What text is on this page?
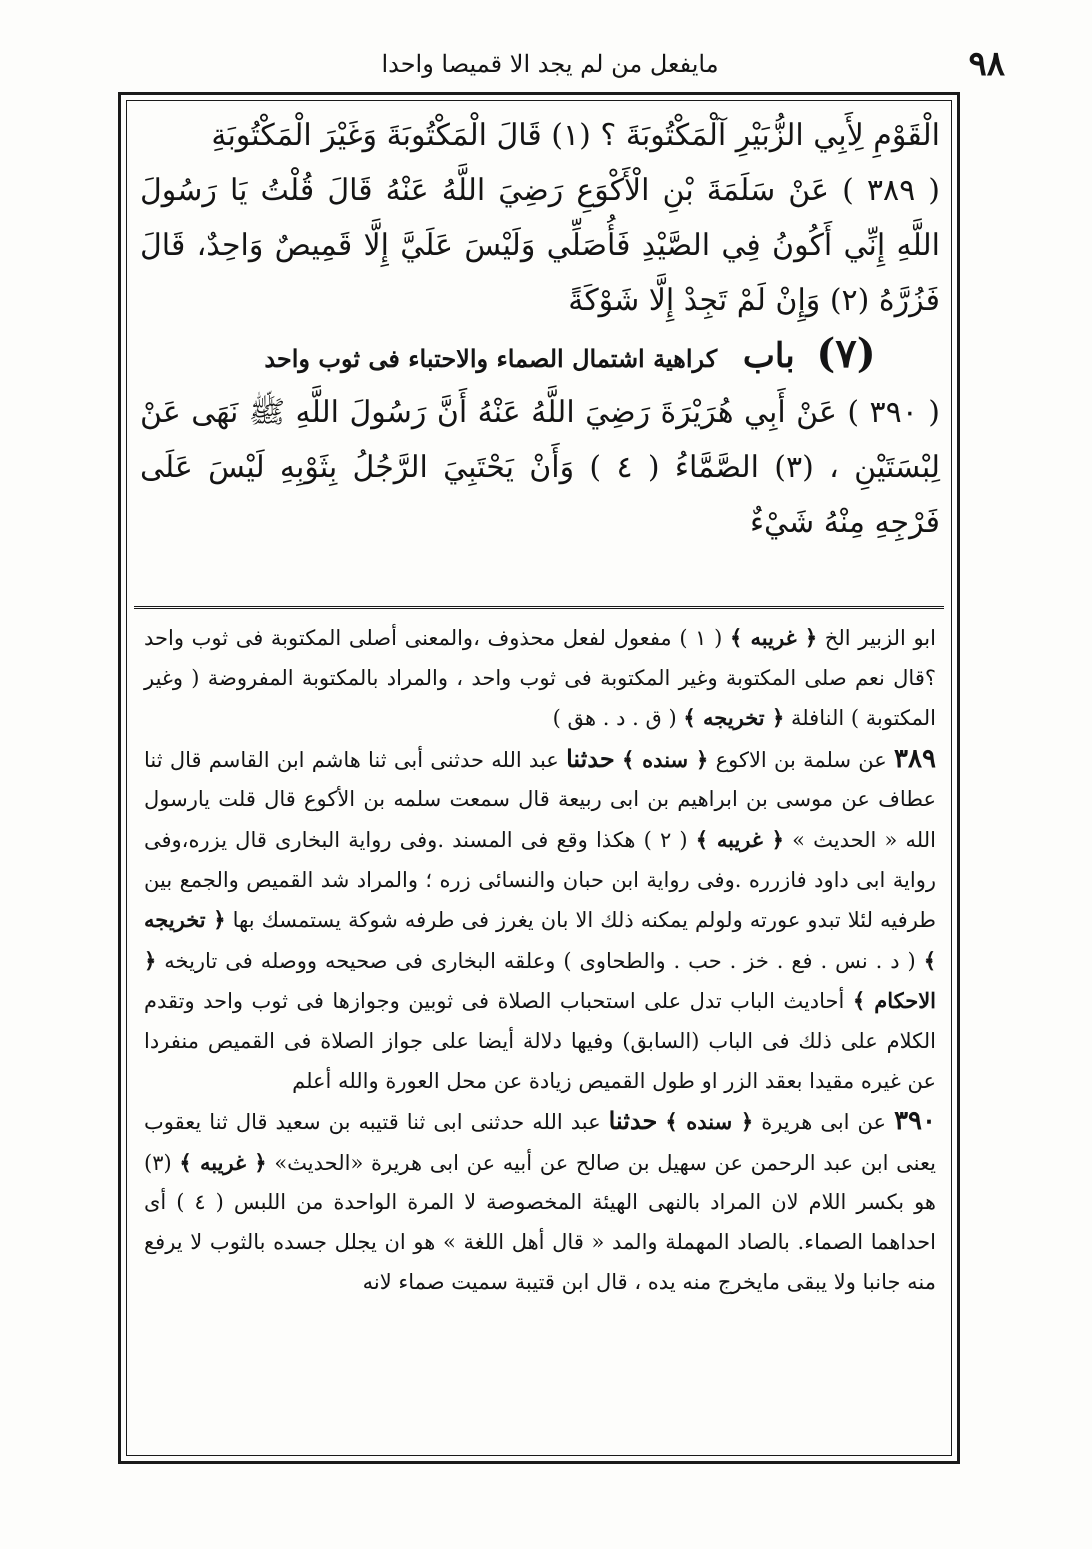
٩٨
مايفعل من لم يجد الا قميصا واحدا

الْقَوْمِ لِأَبِي الزُّبَيْرِ آلْمَكْتُوبَةَ ؟ (١) قَالَ الْمَكْتُوبَةَ وَغَيْرَ الْمَكْتُوبَةِ

( ٣٨٩ ) عَنْ سَلَمَةَ بْنِ الْأَكْوَعِ رَضِيَ اللَّهُ عَنْهُ قَالَ قُلْتُ يَا رَسُولَ اللَّهِ إِنِّي أَكُونُ فِي الصَّيْدِ فَأُصَلِّي وَلَيْسَ عَلَيَّ إِلَّا قَمِيصٌ وَاحِدٌ، قَالَ فَزُرَّهُ (٢) وَإِنْ لَمْ تَجِدْ إِلَّا شَوْكَةً

(٧) باب كراهية اشتمال الصماء والاحتباء فى ثوب واحد

( ٣٩٠ ) عَنْ أَبِي هُرَيْرَةَ رَضِيَ اللَّهُ عَنْهُ أَنَّ رَسُولَ اللَّهِ ﷺ نَهَى عَنْ لِبْسَتَيْنِ ، (٣) الصَّمَّاءُ ( ٤ ) وَأَنْ يَحْتَبِيَ الرَّجُلُ بِثَوْبِهِ لَيْسَ عَلَى فَرْجِهِ مِنْهُ شَيْءٌ

ابو الزبير الخ ﴿ غريبه ﴾ ( ١ ) مفعول لفعل محذوف ،والمعنى أصلى المكتوبة فى ثوب واحد ؟قال نعم صلى المكتوبة وغير المكتوبة فى ثوب واحد ، والمراد بالمكتوبة المفروضة ( وغير المكتوبة ) النافلة ﴿ تخريجه ﴾ ( ق . د . هق )

٣٨٩ عن سلمة بن الاكوع ﴿ سنده ﴾ حدثنا عبد الله حدثنى أبى ثنا هاشم ابن القاسم قال ثنا عطاف عن موسى بن ابراهيم بن ابى ربيعة قال سمعت سلمه بن الأكوع قال قلت يارسول الله « الحديث » ﴿ غريبه ﴾ ( ٢ ) هكذا وقع فى المسند .وفى رواية البخارى قال يزره،وفى رواية ابى داود فازرره .وفى رواية ابن حبان والنسائى زره ؛ والمراد شد القميص والجمع بين طرفيه لئلا تبدو عورته ولولم يمكنه ذلك الا بان يغرز فى طرفه شوكة يستمسك بها ﴿ تخريجه ﴾ ( د . نس . فع . خز . حب . والطحاوى ) وعلقه البخارى فى صحيحه ووصله فى تاريخه ﴿ الاحكام ﴾ أحاديث الباب تدل على استحباب الصلاة فى ثوبين وجوازها فى ثوب واحد وتقدم الكلام على ذلك فى الباب (السابق) وفيها دلالة أيضا على جواز الصلاة فى القميص منفردا عن غيره مقيدا بعقد الزر او طول القميص زيادة عن محل العورة والله أعلم

٣٩٠ عن ابى هريرة ﴿ سنده ﴾ حدثنا عبد الله حدثنى ابى ثنا قتيبه بن سعيد قال ثنا يعقوب يعنى ابن عبد الرحمن عن سهيل بن صالح عن أبيه عن ابى هريرة «الحديث» ﴿ غريبه ﴾ (٣) هو بكسر اللام لان المراد بالنهى الهيئة المخصوصة لا المرة الواحدة من اللبس ( ٤ ) أى احداهما الصماء. بالصاد المهملة والمد « قال أهل اللغة » هو ان يجلل جسده بالثوب لا يرفع منه جانبا ولا يبقى مايخرج منه يده ، قال ابن قتيبة سميت صماء لانه
